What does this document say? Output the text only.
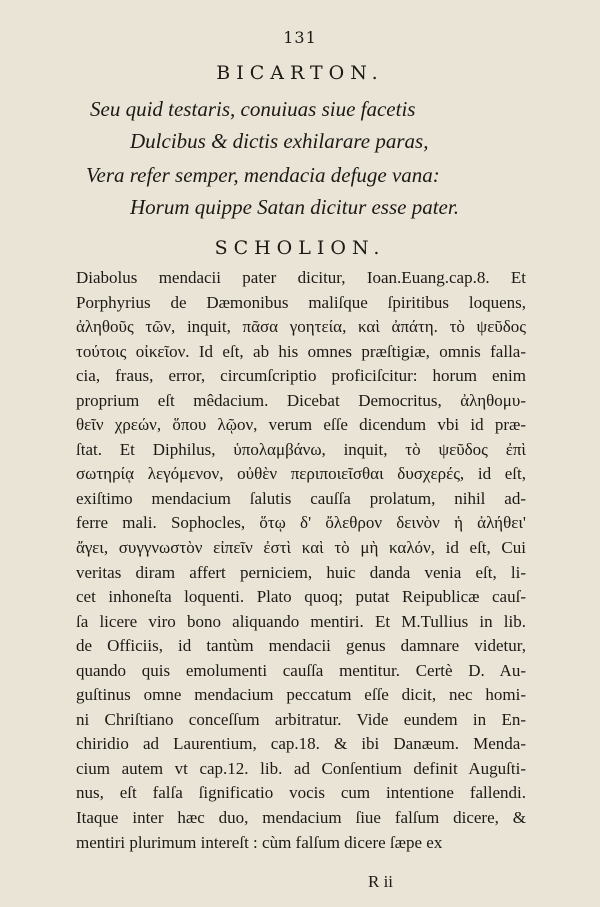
131
BICARTON.
Seu quid testaris, conuiuas siue facetis
Dulcibus & dictis exhilarare paras,
Vera refer semper, mendacia defuge vana:
Horum quippe Satan dicitur esse pater.
SCHOLION.
Diabolus mendacii pater dicitur, Ioan.Euang.cap.8. Et
Porphyrius de Dæmonibus maliſque ſpiritibus loquens,
ἀληθοῦς τῶν, inquit, πᾶσα γοητεία, καὶ ἀπάτη. τὸ ψεῦδος
τούτοις οἰκεῖον. Id eſt, ab his omnes præſtigiæ, omnis falla-
cia, fraus, error, circumſcriptio proficiſcitur: horum enim
proprium eſt mêdacium. Dicebat Democritus, ἀληθομυ-
θεῖν χρεών, ὅπου λῷον, verum eſſe dicendum vbi id præ-
ſtat. Et Diphilus, ὑπολαμβάνω, inquit, τὸ ψεῦδος ἐπὶ
σωτηρίᾳ λεγόμενον, οὐθὲν περιποιεῖσθαι δυσχερές, id eſt,
exiſtimo mendacium ſalutis cauſſa prolatum, nihil ad-
ferre mali. Sophocles, ὅτῳ δ' ὄλεθρον δεινὸν ἡ ἀλήθει'
ἄγει, συγγνωστὸν εἰπεῖν ἐστὶ καὶ τὸ μὴ καλόν, id eſt, Cui
veritas diram affert perniciem, huic danda venia eſt, li-
cet inhoneſta loquenti. Plato quoq; putat Reipublicæ cauſ-
ſa licere viro bono aliquando mentiri. Et M.Tullius in lib.
de Officiis, id tantùm mendacii genus damnare videtur,
quando quis emolumenti cauſſa mentitur. Certè D. Au-
guſtinus omne mendacium peccatum eſſe dicit, nec homi-
ni Chriſtiano conceſſum arbitratur. Vide eundem in En-
chiridio ad Laurentium, cap.18. & ibi Danæum. Menda-
cium autem vt cap.12. lib. ad Conſentium definit Auguſti-
nus, eſt falſa ſignificatio vocis cum intentione fallendi.
Itaque inter hæc duo, mendacium ſiue falſum dicere, &
mentiri plurimum intereſt : cùm falſum dicere ſæpe ex
R ii
